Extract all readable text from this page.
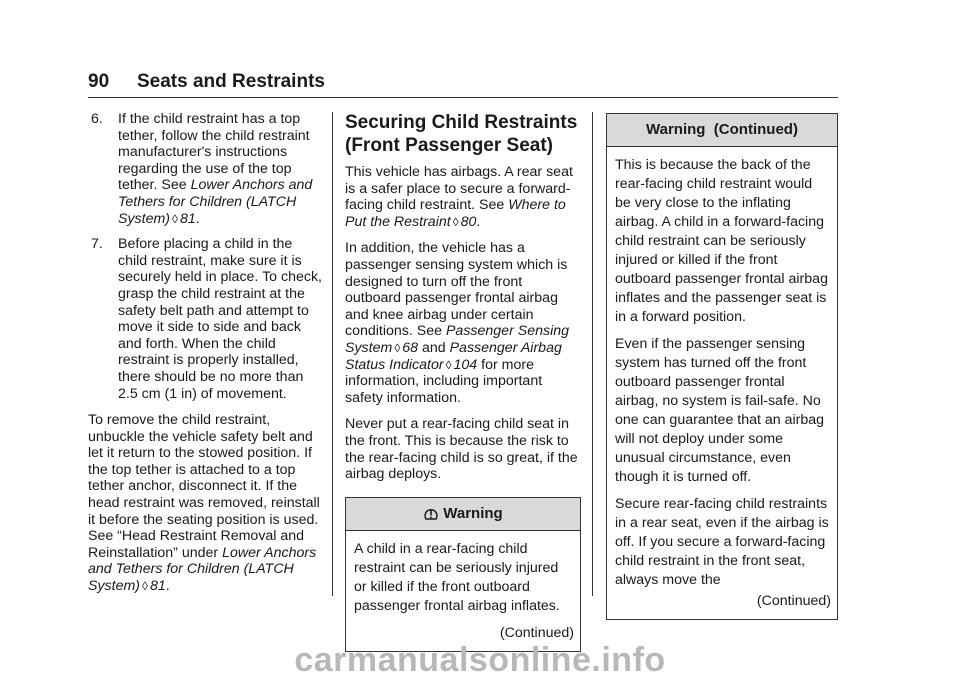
90 Seats and Restraints
6. If the child restraint has a top tether, follow the child restraint manufacturer's instructions regarding the use of the top tether. See Lower Anchors and Tethers for Children (LATCH System) ◊ 81.
7. Before placing a child in the child restraint, make sure it is securely held in place. To check, grasp the child restraint at the safety belt path and attempt to move it side to side and back and forth. When the child restraint is properly installed, there should be no more than 2.5 cm (1 in) of movement.

To remove the child restraint, unbuckle the vehicle safety belt and let it return to the stowed position. If the top tether is attached to a top tether anchor, disconnect it. If the head restraint was removed, reinstall it before the seating position is used. See “Head Restraint Removal and Reinstallation” under Lower Anchors and Tethers for Children (LATCH System) ◊ 81.

Securing Child Restraints (Front Passenger Seat)

This vehicle has airbags. A rear seat is a safer place to secure a forward-facing child restraint. See Where to Put the Restraint ◊ 80.

In addition, the vehicle has a passenger sensing system which is designed to turn off the front outboard passenger frontal airbag and knee airbag under certain conditions. See Passenger Sensing System ◊ 68 and Passenger Airbag Status Indicator ◊ 104 for more information, including important safety information.

Never put a rear-facing child seat in the front. This is because the risk to the rear-facing child is so great, if the airbag deploys.

Warning

A child in a rear-facing child restraint can be seriously injured or killed if the front outboard passenger frontal airbag inflates.

(Continued)
Warning  (Continued)

This is because the back of the rear-facing child restraint would be very close to the inflating airbag. A child in a forward-facing child restraint can be seriously injured or killed if the front outboard passenger frontal airbag inflates and the passenger seat is in a forward position.

Even if the passenger sensing system has turned off the front outboard passenger frontal airbag, no system is fail-safe. No one can guarantee that an airbag will not deploy under some unusual circumstance, even though it is turned off.

Secure rear-facing child restraints in a rear seat, even if the airbag is off. If you secure a forward-facing child restraint in the front seat, always move the

(Continued)
carmanualsonline.info
